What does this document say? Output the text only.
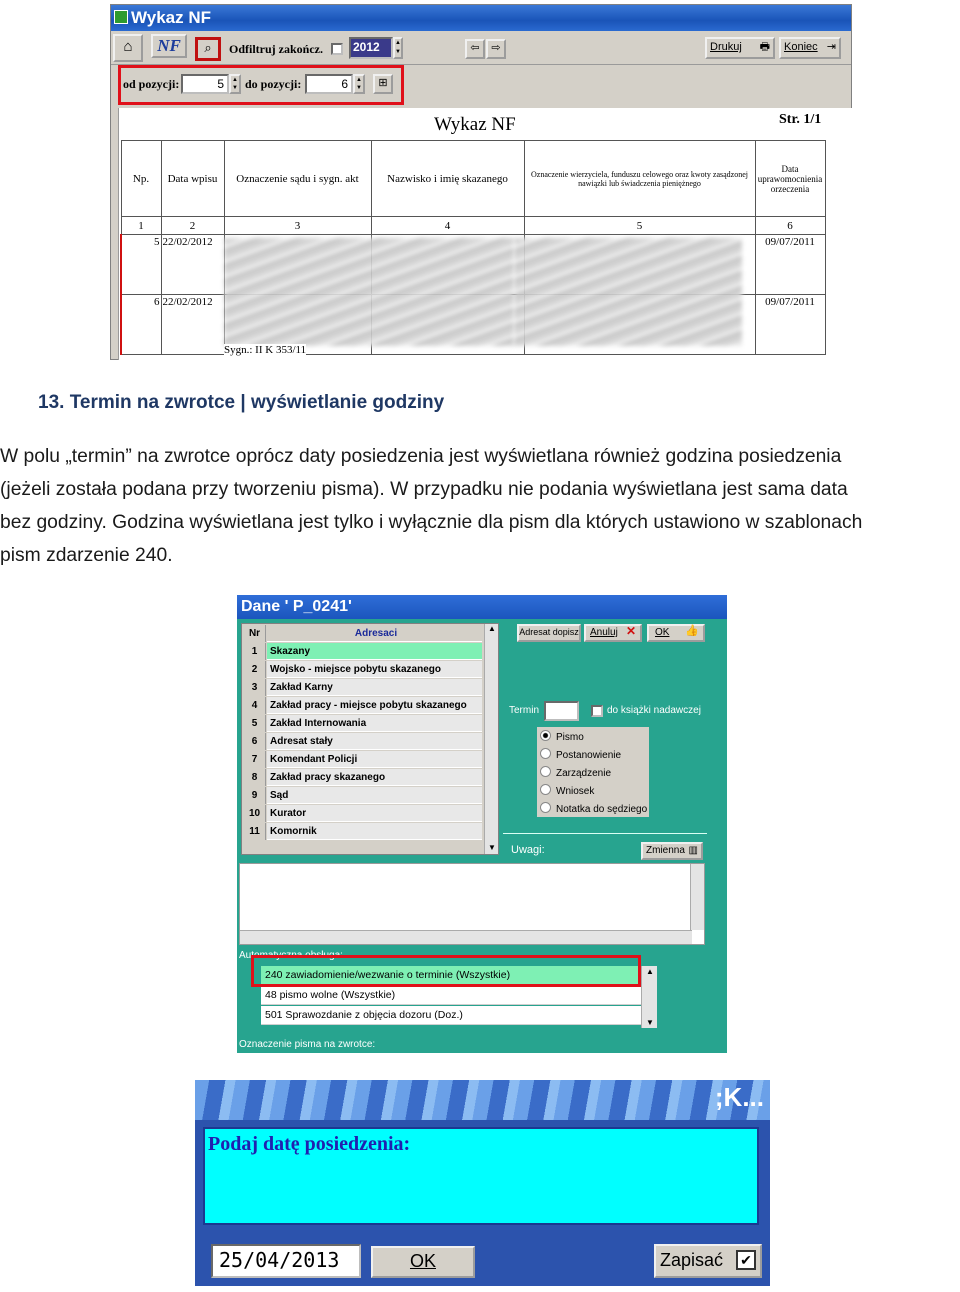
Wykaz NF
⌂	NF	⌕	Odfiltruj zakończ.	2012	▲
▼	⇦	⇨	Drukuj 🖶	Koniec ⇥
od pozycji:	5	▲
▼ do pozycji:	6	▲
▼	⊞
Wykaz NF	Str. 1/1
Np.	Data wpisu	Oznaczenie sądu i sygn. akt	Nazwisko i imię skazanego	Oznaczenie wierzyciela, funduszu celowego oraz kwoty zasądzonej nawiązki lub świadczenia pieniężnego	Data uprawomocnienia orzeczenia
1	2	3	4	5	6
5	22/02/2012				09/07/2011
6	22/02/2012				09/07/2011
Sygn.: II K 353/11
13. Termin na zwrotce | wyświetlanie godziny
W polu „termin” na zwrotce oprócz daty posiedzenia jest wyświetlana również godzina posiedzenia
(jeżeli została podana przy tworzeniu pisma). W przypadku nie podania wyświetlana jest sama data
bez godziny. Godzina wyświetlana jest tylko i wyłącznie dla pism dla których ustawiono w szablonach
pism zdarzenie 240.
Dane ' P_0241'
Nr	Adresaci
1	Skazany
2	Wojsko - miejsce pobytu skazanego
3	Zakład Karny
4	Zakład pracy - miejsce pobytu skazanego
5	Zakład Internowania
6	Adresat stały
7	Komendant Policji
8	Zakład pracy skazanego
9	Sąd
10 Kurator
11	Komornik
▲
▼
Adresat dopisz	Anuluj ✕	OK 👍
Termin	do książki nadawczej
Pismo
Postanowienie
Zarządzenie
Wniosek
Notatka do sędziego
Uwagi:	Zmienna ▥
Automatyczna obsługa:
240 zawiadomienie/wezwanie o terminie (Wszystkie)
48 pismo wolne (Wszystkie)
501 Sprawozdanie z objęcia dozoru (Doz.)
▲
▼
Oznaczenie pisma na zwrotce:
;K...
Podaj datę posiedzenia:
25/04/2013	OK	Zapisać ✔
